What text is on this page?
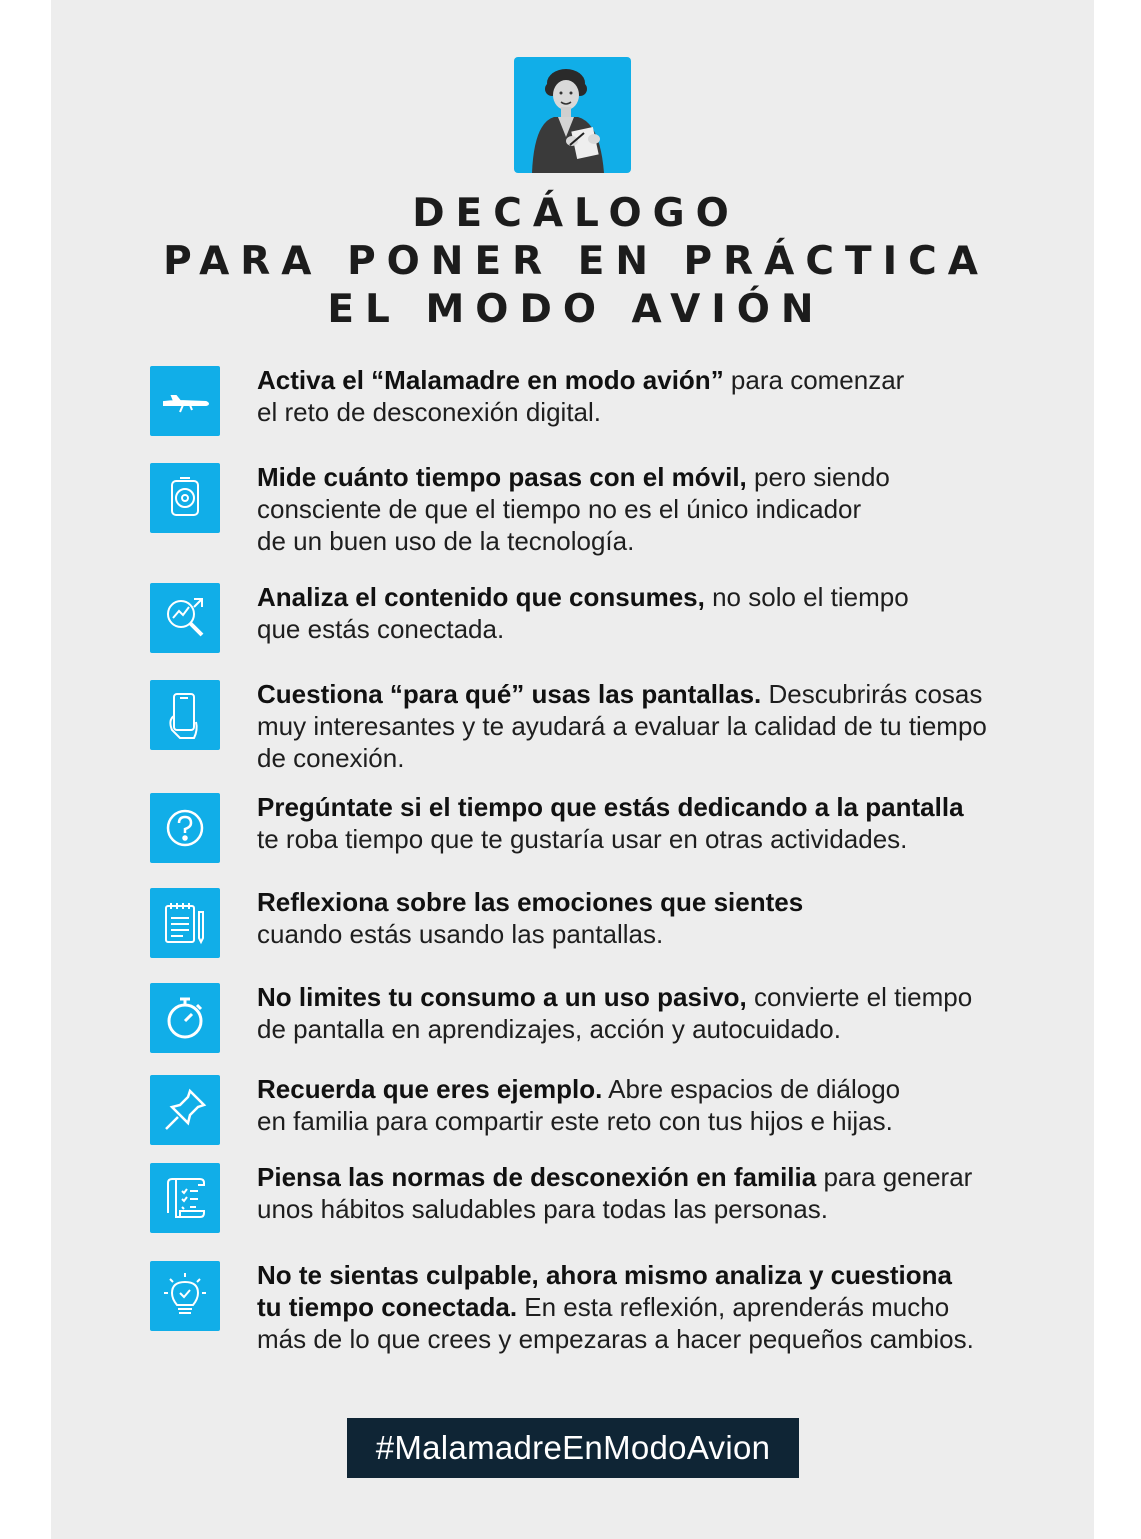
DECÁLOGO
PARA PONER EN PRÁCTICA
EL MODO AVIÓN
Activa el “Malamadre en modo avión” para comenzar
el reto de desconexión digital.
Mide cuánto tiempo pasas con el móvil, pero siendo
consciente de que el tiempo no es el único indicador
de un buen uso de la tecnología.
Analiza el contenido que consumes, no solo el tiempo
que estás conectada.
Cuestiona “para qué” usas las pantallas. Descubrirás cosas
muy interesantes y te ayudará a evaluar la calidad de tu tiempo
de conexión.
Pregúntate si el tiempo que estás dedicando a la pantalla
te roba tiempo que te gustaría usar en otras actividades.
Reflexiona sobre las emociones que sientes
cuando estás usando las pantallas.
No limites tu consumo a un uso pasivo, convierte el tiempo
de pantalla en aprendizajes, acción y autocuidado.
Recuerda que eres ejemplo. Abre espacios de diálogo
en familia para compartir este reto con tus hijos e hijas.
Piensa las normas de desconexión en familia para generar
unos hábitos saludables para todas las personas.
No te sientas culpable, ahora mismo analiza y cuestiona
tu tiempo conectada. En esta reflexión, aprenderás mucho
más de lo que crees y empezaras a hacer pequeños cambios.
#MalamadreEnModoAvion
